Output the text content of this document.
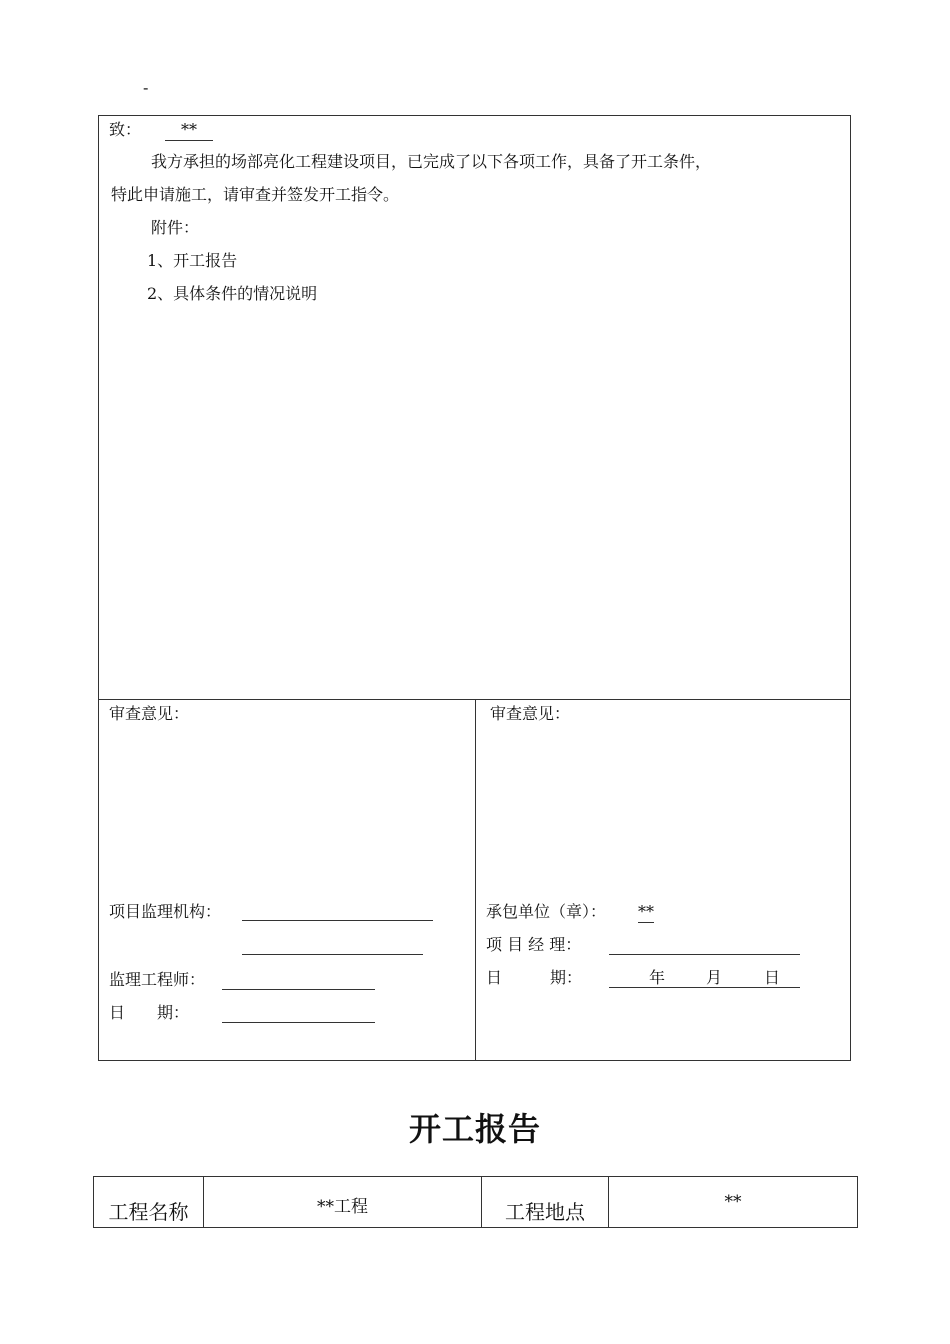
-
致：	**
我方承担的场部亮化工程建设项目，已完成了以下各项工作，具备了开工条件，
特此申请施工，请审查并签发开工指令。
附件：
1、开工报告
2、具体条件的情况说明
审查意见：
项目监理机构：
监理工程师：
日　　期：
审查意见：
承包单位（章）： **
项 目 经 理：
日　　　期：	年	月	日
开工报告
工程名称	**工程	工程地点	**
